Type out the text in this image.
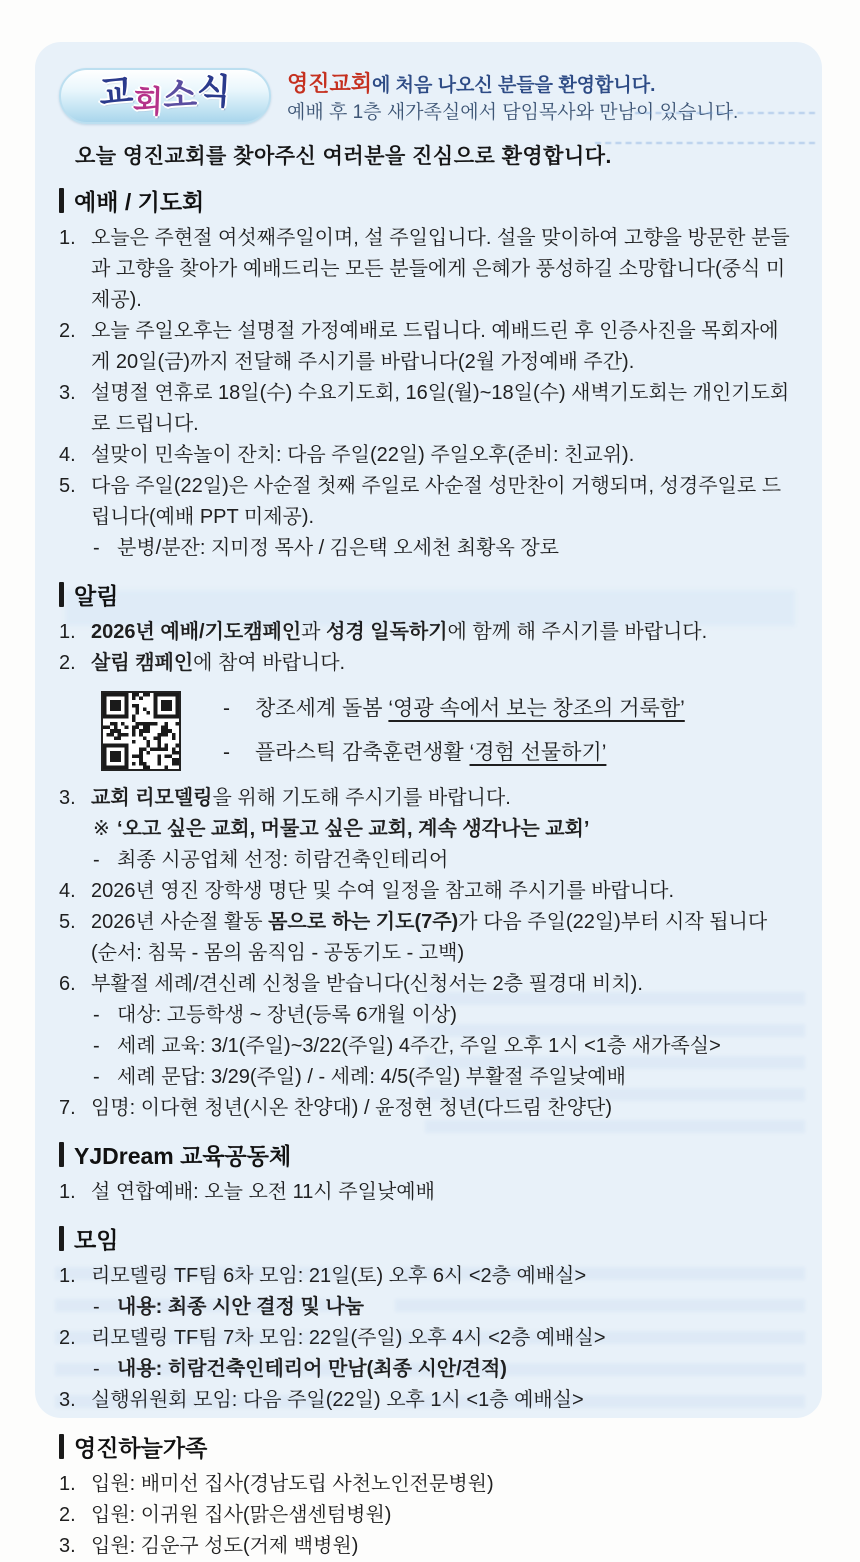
교
회
소
식	영진교회에 처음 나오신 분들을 환영합니다.

예배 후 1층 새가족실에서 담임목사와 만남이 있습니다.

오늘 영진교회를 찾아주신 여러분을 진심으로 환영합니다.

예배 / 기도회
1. 오늘은 주현절 여섯째주일이며, 설 주일입니다. 설을 맞이하여 고향을 방문한 분들과 고향을 찾아가 예배드리는 모든 분들에게 은혜가 풍성하길 소망합니다(중식 미제공).
2. 오늘 주일오후는 설명절 가정예배로 드립니다. 예배드린 후 인증사진을 목회자에게 20일(금)까지 전달해 주시기를 바랍니다(2월 가정예배 주간).
3. 설명절 연휴로 18일(수) 수요기도회, 16일(월)~18일(수) 새벽기도회는 개인기도회로 드립니다.
4. 설맞이 민속놀이 잔치: 다음 주일(22일) 주일오후(준비: 친교위).
5. 다음 주일(22일)은 사순절 첫째 주일로 사순절 성만찬이 거행되며, 성경주일로 드립니다(예배 PPT 미제공).
- 분병/분잔: 지미정 목사 / 김은택 오세천 최황옥 장로
알림
1. 2026년 예배/기도캠페인과 성경 일독하기에 함께 해 주시기를 바랍니다.
2. 살림 캠페인에 참여 바랍니다.
-	창조세계 돌봄 ‘영광 속에서 보는 창조의 거룩함’
-	플라스틱 감축훈련생활 ‘경험 선물하기’
3. 교회 리모델링을 위해 기도해 주시기를 바랍니다.
※ ‘오고 싶은 교회, 머물고 싶은 교회, 계속 생각나는 교회’
- 최종 시공업체 선정: 히람건축인테리어
4. 2026년 영진 장학생 명단 및 수여 일정을 참고해 주시기를 바랍니다.
5. 2026년 사순절 활동 몸으로 하는 기도(7주)가 다음 주일(22일)부터 시작 됩니다(순서: 침묵 - 몸의 움직임 - 공동기도 - 고백)
6. 부활절 세례/견신례 신청을 받습니다(신청서는 2층 필경대 비치).
- 대상: 고등학생 ~ 장년(등록 6개월 이상)
- 세례 교육: 3/1(주일)~3/22(주일) 4주간, 주일 오후 1시 <1층 새가족실>
- 세례 문답: 3/29(주일) / - 세례: 4/5(주일) 부활절 주일낮예배
7. 임명: 이다현 청년(시온 찬양대) / 윤정현 청년(다드림 찬양단)
YJDream 교육공동체
1. 설 연합예배: 오늘 오전 11시 주일낮예배
모임
1. 리모델링 TF팀 6차 모임: 21일(토) 오후 6시 <2층 예배실>
- 내용: 최종 시안 결정 및 나눔
2. 리모델링 TF팀 7차 모임: 22일(주일) 오후 4시 <2층 예배실>
- 내용: 히람건축인테리어 만남(최종 시안/견적)
3. 실행위원회 모임: 다음 주일(22일) 오후 1시 <1층 예배실>
영진하늘가족
1. 입원: 배미선 집사(경남도립 사천노인전문병원)
2. 입원: 이귀원 집사(맑은샘센텀병원)
3. 입원: 김운구 성도(거제 백병원)
